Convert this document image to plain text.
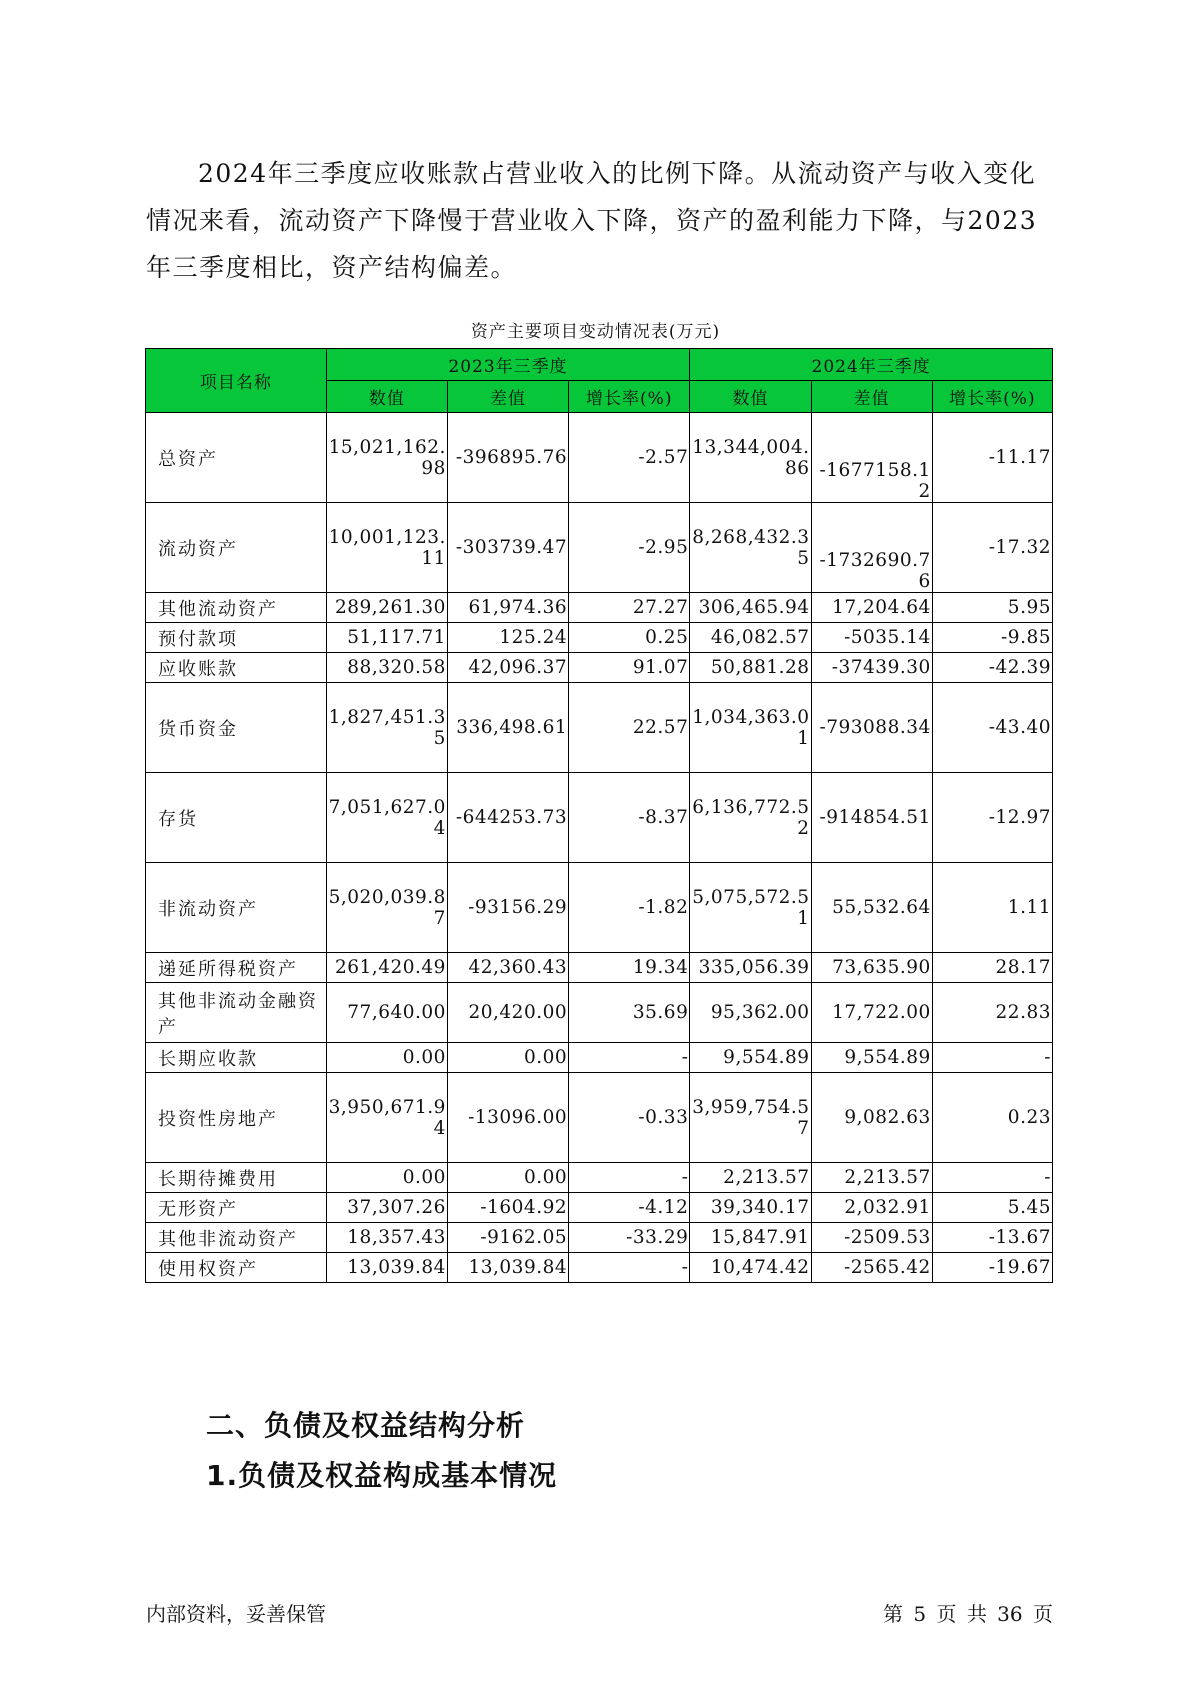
2024年三季度应收账款占营业收入的比例下降。从流动资产与收入变化情况来看，流动资产下降慢于营业收入下降，资产的盈利能力下降，与2023年三季度相比，资产结构偏差。

资产主要项目变动情况表(万元)
项目名称	2023年三季度			2024年三季度		
	数值	差值	增长率(%)	数值	差值	增长率(%)
总资产	15,021,162.98	-396895.76	-2.57	13,344,004.86	-1677158.12	-11.17
流动资产	10,001,123.11	-303739.47	-2.95	8,268,432.35	-1732690.76	-17.32
其他流动资产	289,261.30	61,974.36	27.27	306,465.94	17,204.64	5.95
预付款项	51,117.71	125.24	0.25	46,082.57	-5035.14	-9.85
应收账款	88,320.58	42,096.37	91.07	50,881.28	-37439.30	-42.39
货币资金	1,827,451.35	336,498.61	22.57	1,034,363.01	-793088.34	-43.40
存货	7,051,627.04	-644253.73	-8.37	6,136,772.52	-914854.51	-12.97
非流动资产	5,020,039.87	-93156.29	-1.82	5,075,572.51	55,532.64	1.11
递延所得税资产	261,420.49	42,360.43	19.34	335,056.39	73,635.90	28.17
其他非流动金融资产	77,640.00	20,420.00	35.69	95,362.00	17,722.00	22.83
长期应收款	0.00	0.00	-	9,554.89	9,554.89	-
投资性房地产	3,950,671.94	-13096.00	-0.33	3,959,754.57	9,082.63	0.23
长期待摊费用	0.00	0.00	-	2,213.57	2,213.57	-
无形资产	37,307.26	-1604.92	-4.12	39,340.17	2,032.91	5.45
其他非流动资产	18,357.43	-9162.05	-33.29	15,847.91	-2509.53	-13.67
使用权资产	13,039.84	13,039.84	-	10,474.42	-2565.42	-19.67
二、负债及权益结构分析
1.负债及权益构成基本情况
内部资料，妥善保管	第 5 页 共 36 页
